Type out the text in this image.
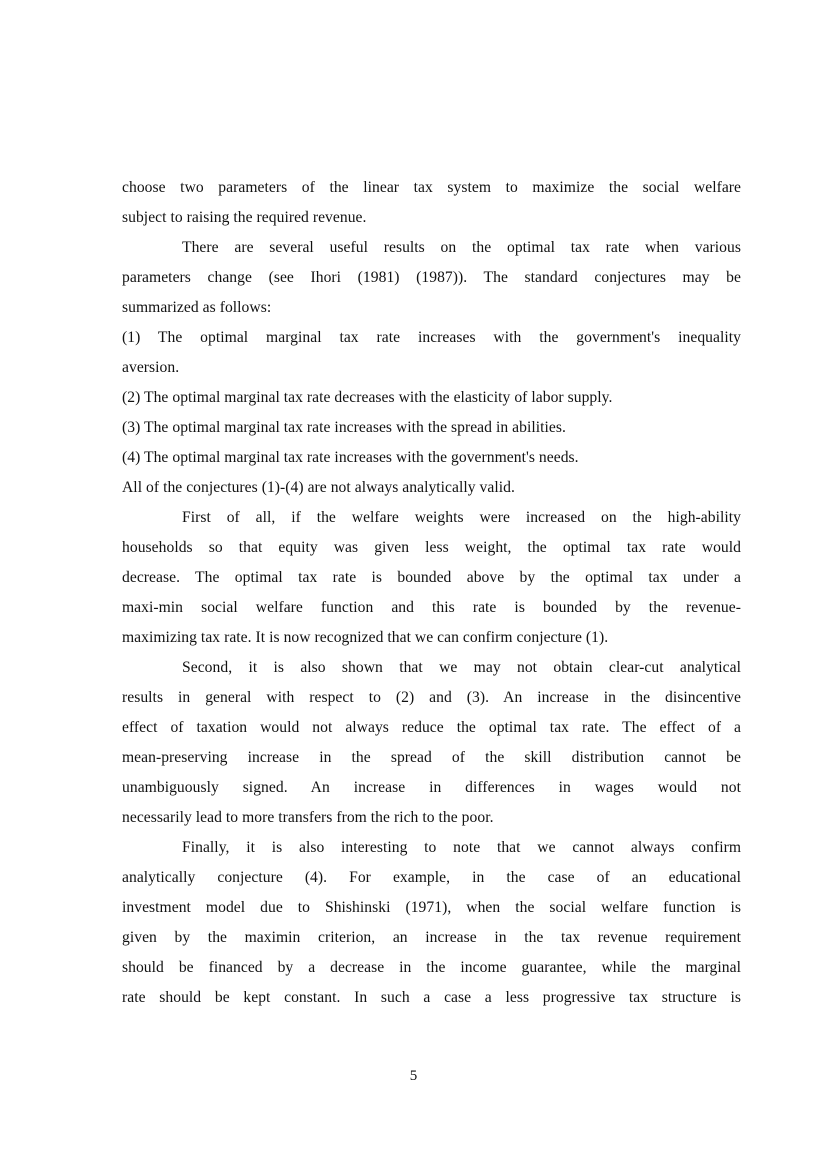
choose two parameters of the linear tax system to maximize the social welfare
subject to raising the required revenue.
There are several useful results on the optimal tax rate when various
parameters change (see Ihori (1981) (1987)). The standard conjectures may be
summarized as follows:
(1) The optimal marginal tax rate increases with the government's inequality
aversion.
(2) The optimal marginal tax rate decreases with the elasticity of labor supply.
(3) The optimal marginal tax rate increases with the spread in abilities.
(4) The optimal marginal tax rate increases with the government's needs.
All of the conjectures (1)-(4) are not always analytically valid.
First of all, if the welfare weights were increased on the high-ability
households so that equity was given less weight, the optimal tax rate would
decrease. The optimal tax rate is bounded above by the optimal tax under a
maxi-min social welfare function and this rate is bounded by the revenue-
maximizing tax rate. It is now recognized that we can confirm conjecture (1).
Second, it is also shown that we may not obtain clear-cut analytical
results in general with respect to (2) and (3). An increase in the disincentive
effect of taxation would not always reduce the optimal tax rate. The effect of a
mean-preserving increase in the spread of the skill distribution cannot be
unambiguously signed. An increase in differences in wages would not
necessarily lead to more transfers from the rich to the poor.
Finally, it is also interesting to note that we cannot always confirm
analytically conjecture (4). For example, in the case of an educational
investment model due to Shishinski (1971), when the social welfare function is
given by the maximin criterion, an increase in the tax revenue requirement
should be financed by a decrease in the income guarantee, while the marginal
rate should be kept constant. In such a case a less progressive tax structure is
5
